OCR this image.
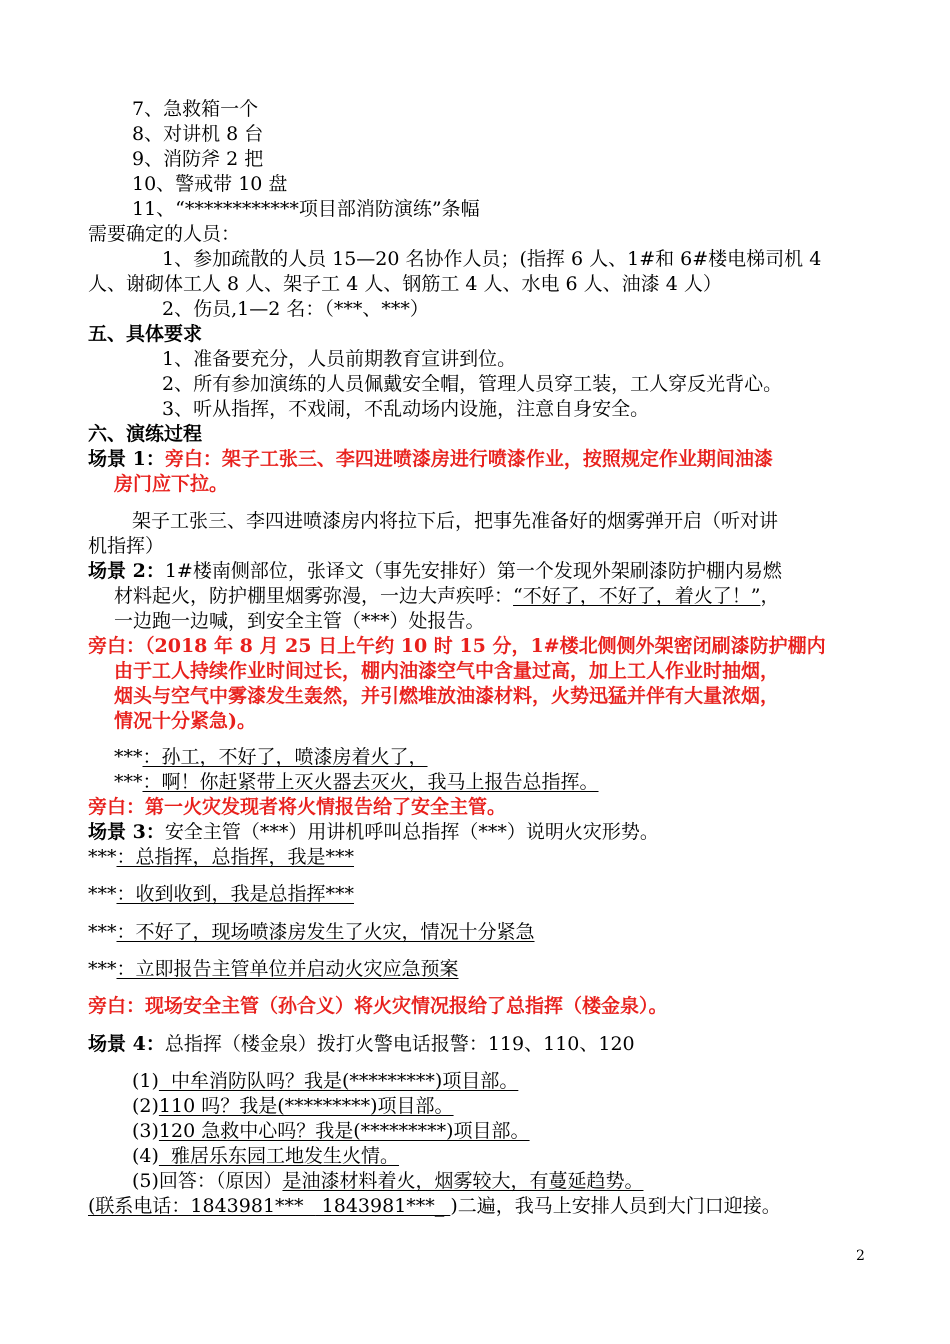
7、急救箱一个
8、对讲机 8 台
9、消防斧 2 把
10、警戒带 10 盘
11、“************项目部消防演练”条幅
需要确定的人员：
1、参加疏散的人员 15—20 名协作人员；(指挥 6 人、1#和 6#楼电梯司机 4
人、谢砌体工人 8 人、架子工 4 人、钢筋工 4 人、水电 6 人、油漆 4 人）
2、伤员,1—2 名：（***、***）
五、具体要求
1、准备要充分，人员前期教育宣讲到位。
2、所有参加演练的人员佩戴安全帽，管理人员穿工装，工人穿反光背心。
3、听从指挥，不戏闹，不乱动场内设施，注意自身安全。
六、演练过程
场景 1：旁白：架子工张三、李四进喷漆房进行喷漆作业，按照规定作业期间油漆
房门应下拉。
架子工张三、李四进喷漆房内将拉下后，把事先准备好的烟雾弹开启（听对讲
机指挥）
场景 2：1#楼南侧部位，张译文（事先安排好）第一个发现外架刷漆防护棚内易燃
材料起火，防护棚里烟雾弥漫，一边大声疾呼：“不好了，不好了，着火了！”，
一边跑一边喊，到安全主管（***）处报告。
旁白：（2018 年 8 月 25 日上午约 10 时 15 分，1#楼北侧侧外架密闭刷漆防护棚内
由于工人持续作业时间过长，棚内油漆空气中含量过高，加上工人作业时抽烟，
烟头与空气中雾漆发生轰然，并引燃堆放油漆材料，火势迅猛并伴有大量浓烟，
情况十分紧急)。
***：孙工，不好了，喷漆房着火了，
***：啊！你赶紧带上灭火器去灭火，我马上报告总指挥。
旁白：第一火灾发现者将火情报告给了安全主管。
场景 3：安全主管（***）用讲机呼叫总指挥（***）说明火灾形势。
***：总指挥，总指挥，我是***
***：收到收到，我是总指挥***
***：不好了，现场喷漆房发生了火灾，情况十分紧急
***：立即报告主管单位并启动火灾应急预案
旁白：现场安全主管（孙合义）将火灾情况报给了总指挥（楼金泉）。
场景 4：总指挥（楼金泉）拨打火警电话报警：119、110、120
(1)  中牟消防队吗？我是(*********)项目部。
(2)110 吗？我是(*********)项目部。
(3)120 急救中心吗？我是(*********)项目部。
(4)  雅居乐东园工地发生火情。
(5)回答：（原因）是油漆材料着火，烟雾较大，有蔓延趋势。
(联系电话：1843981***   1843981***_ )二遍，我马上安排人员到大门口迎接。
2
